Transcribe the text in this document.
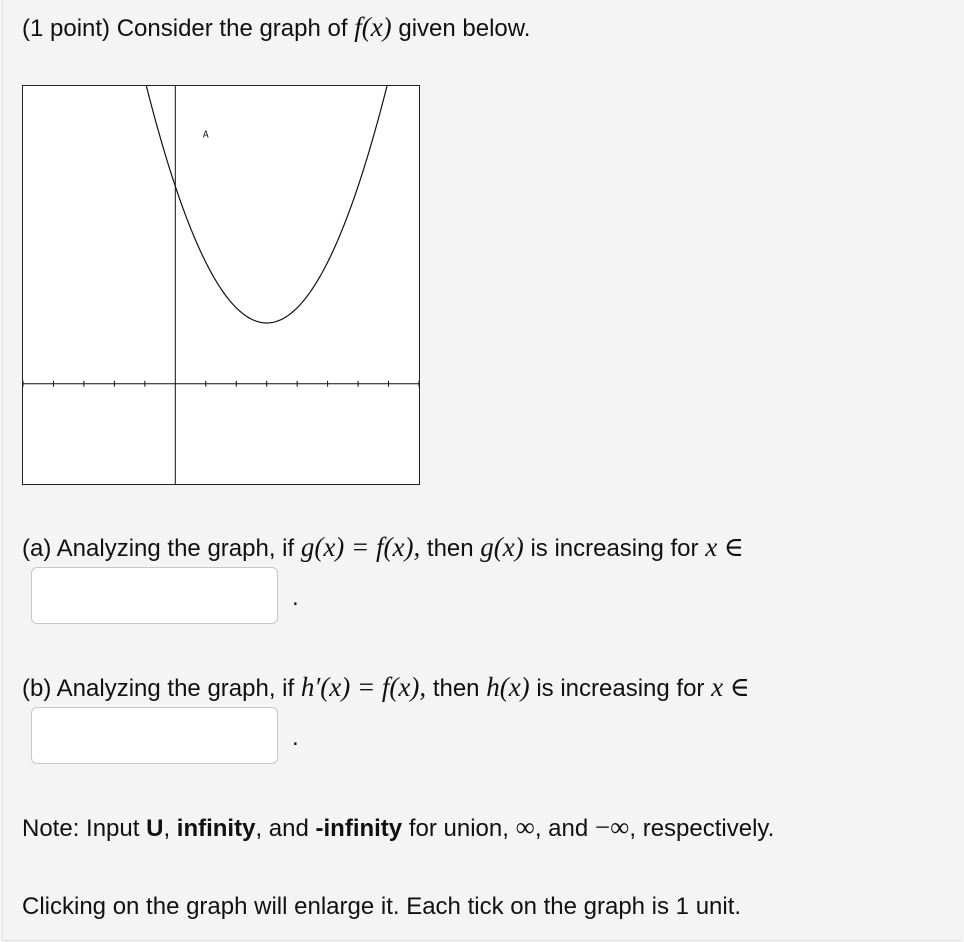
(1 point) Consider the graph of f(x) given below.
A
(a) Analyzing the graph, if g(x) = f(x), then g(x) is increasing for x ∈
.
(b) Analyzing the graph, if h′(x) = f(x), then h(x) is increasing for x ∈
.
Note: Input U, infinity, and -infinity for union, ∞, and −∞, respectively.
Clicking on the graph will enlarge it. Each tick on the graph is 1 unit.
